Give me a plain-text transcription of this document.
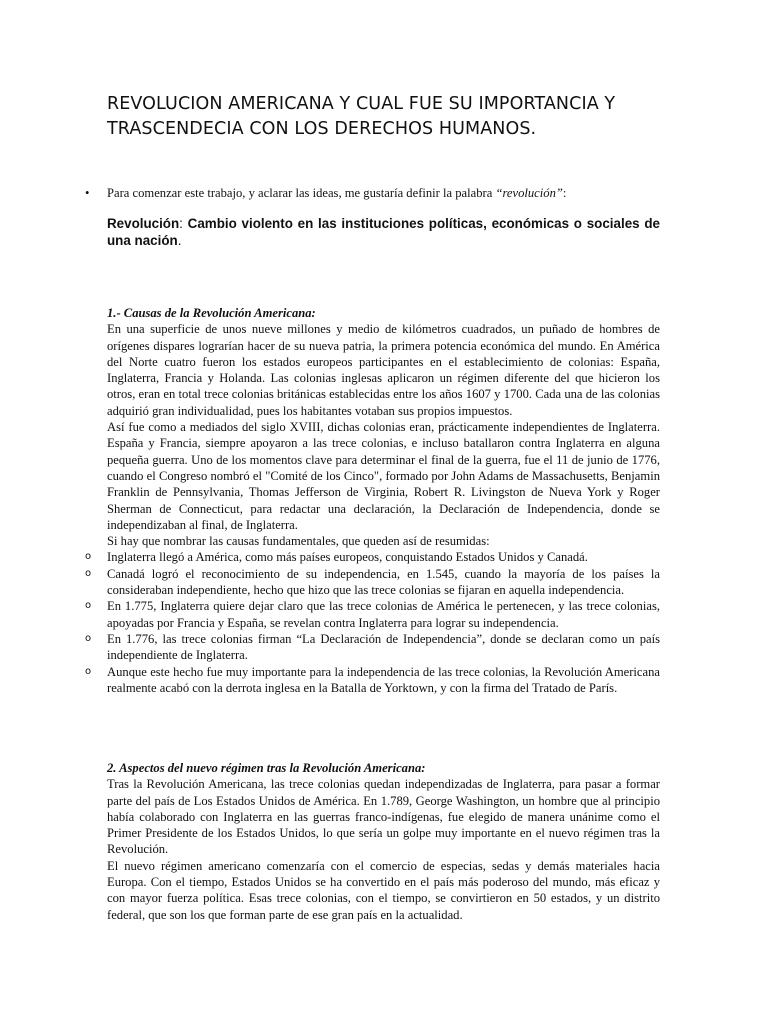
REVOLUCION AMERICANA Y CUAL FUE SU IMPORTANCIA Y TRASCENDECIA CON LOS DERECHOS HUMANOS.
• Para comenzar este trabajo, y aclarar las ideas, me gustaría definir la palabra “revolución”:

Revolución: Cambio violento en las instituciones políticas, económicas o sociales de una nación.

1.- Causas de la Revolución Americana:

En una superficie de unos nueve millones y medio de kilómetros cuadrados, un puñado de hombres de orígenes dispares lograrían hacer de su nueva patria, la primera potencia económica del mundo. En América del Norte cuatro fueron los estados europeos participantes en el establecimiento de colonias: España, Inglaterra, Francia y Holanda. Las colonias inglesas aplicaron un régimen diferente del que hicieron los otros, eran en total trece colonias británicas establecidas entre los años 1607 y 1700. Cada una de las colonias adquirió gran individualidad, pues los habitantes votaban sus propios impuestos.

Así fue como a mediados del siglo XVIII, dichas colonias eran, prácticamente independientes de Inglaterra. España y Francia, siempre apoyaron a las trece colonias, e incluso batallaron contra Inglaterra en alguna pequeña guerra. Uno de los momentos clave para determinar el final de la guerra, fue el 11 de junio de 1776, cuando el Congreso nombró el "Comité de los Cinco", formado por John Adams de Massachusetts, Benjamin Franklin de Pennsylvania, Thomas Jefferson de Virginia, Robert R. Livingston de Nueva York y Roger Sherman de Connecticut, para redactar una declaración, la Declaración de Independencia, donde se independizaban al final, de Inglaterra.

Si hay que nombrar las causas fundamentales, que queden así de resumidas:

o Inglaterra llegó a América, como más países europeos, conquistando Estados Unidos y Canadá.
o Canadá logró el reconocimiento de su independencia, en 1.545, cuando la mayoría de los países la consideraban independiente, hecho que hizo que las trece colonias se fijaran en aquella independencia.
o En 1.775, Inglaterra quiere dejar claro que las trece colonias de América le pertenecen, y las trece colonias, apoyadas por Francia y España, se revelan contra Inglaterra para lograr su independencia.
o En 1.776, las trece colonias firman “La Declaración de Independencia”, donde se declaran como un país independiente de Inglaterra.
o Aunque este hecho fue muy importante para la independencia de las trece colonias, la Revolución Americana realmente acabó con la derrota inglesa en la Batalla de Yorktown, y con la firma del Tratado de París.

2. Aspectos del nuevo régimen tras la Revolución Americana:

Tras la Revolución Americana, las trece colonias quedan independizadas de Inglaterra, para pasar a formar parte del país de Los Estados Unidos de América. En 1.789, George Washington, un hombre que al principio había colaborado con Inglaterra en las guerras franco-indígenas, fue elegido de manera unánime como el Primer Presidente de los Estados Unidos, lo que sería un golpe muy importante en el nuevo régimen tras la Revolución.

El nuevo régimen americano comenzaría con el comercio de especias, sedas y demás materiales hacia Europa. Con el tiempo, Estados Unidos se ha convertido en el país más poderoso del mundo, más eficaz y con mayor fuerza política. Esas trece colonias, con el tiempo, se convirtieron en 50 estados, y un distrito federal, que son los que forman parte de ese gran país en la actualidad.
